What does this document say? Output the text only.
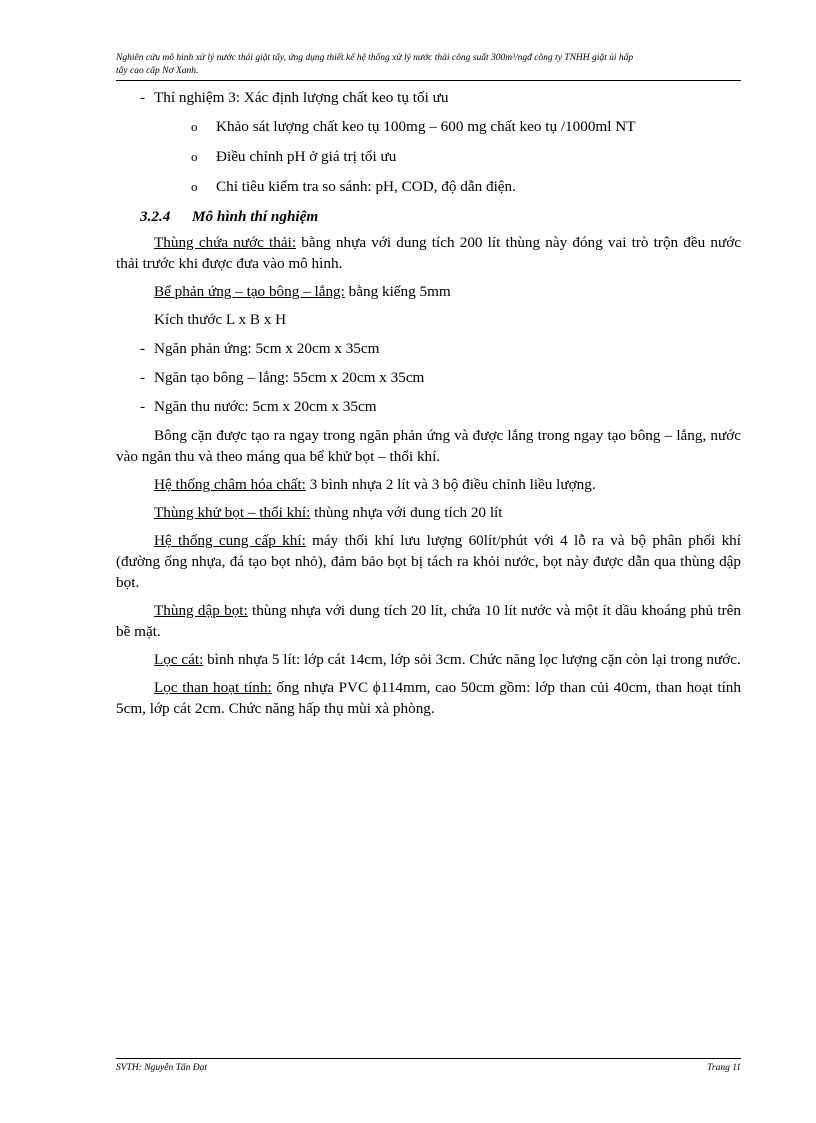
Nghiên cứu mô hình xử lý nước thải giặt tẩy, ứng dụng thiết kế hệ thống xử lý nước thải công suất 300m³/ngđ công ty TNHH giặt ủi hấp
tẩy cao cấp Nơ Xanh.
- Thí nghiệm 3: Xác định lượng chất keo tụ tối ưu
o Khảo sát lượng chất keo tụ 100mg – 600 mg chất keo tụ /1000ml NT
o Điều chỉnh pH ở giá trị tối ưu
o Chỉ tiêu kiểm tra so sánh: pH, COD, độ dẫn điện.
3.2.4 Mô hình thí nghiệm
Thùng chứa nước thải: bằng nhựa với dung tích 200 lít thùng này đóng vai trò trộn đều nước thải trước khi được đưa vào mô hình.
Bể phản ứng – tạo bông – lắng: bằng kiếng 5mm
Kích thước L x B x H
- Ngăn phản ứng: 5cm x 20cm x 35cm
- Ngăn tạo bông – lắng: 55cm x 20cm x 35cm
- Ngăn thu nước: 5cm x 20cm x 35cm
Bông cặn được tạo ra ngay trong ngăn phản ứng và được lắng trong ngay tạo bông – lắng, nước vào ngăn thu và theo máng qua bể khử bọt – thổi khí.
Hệ thống châm hóa chất: 3 bình nhựa 2 lít và 3 bộ điều chỉnh liều lượng.
Thùng khử bọt – thổi khí: thùng nhựa với dung tích 20 lít
Hệ thống cung cấp khí: máy thổi khí lưu lượng 60lít/phút với 4 lỗ ra và bộ phân phối khí (đường ống nhựa, đá tạo bọt nhỏ), đảm bảo bọt bị tách ra khỏi nước, bọt này được dẫn qua thùng dập bọt.
Thùng dập bọt: thùng nhựa với dung tích 20 lít, chứa 10 lít nước và một ít dầu khoáng phủ trên bề mặt.
Lọc cát: bình nhựa 5 lít: lớp cát 14cm, lớp sỏi 3cm. Chức năng lọc lượng cặn còn lại trong nước.
Lọc than hoạt tính: ống nhựa PVC ϕ114mm, cao 50cm gồm: lớp than củi 40cm, than hoạt tính 5cm, lớp cát 2cm. Chức năng hấp thụ mùi xà phòng.
SVTH: Nguyễn Tấn Đạt	Trang 11
